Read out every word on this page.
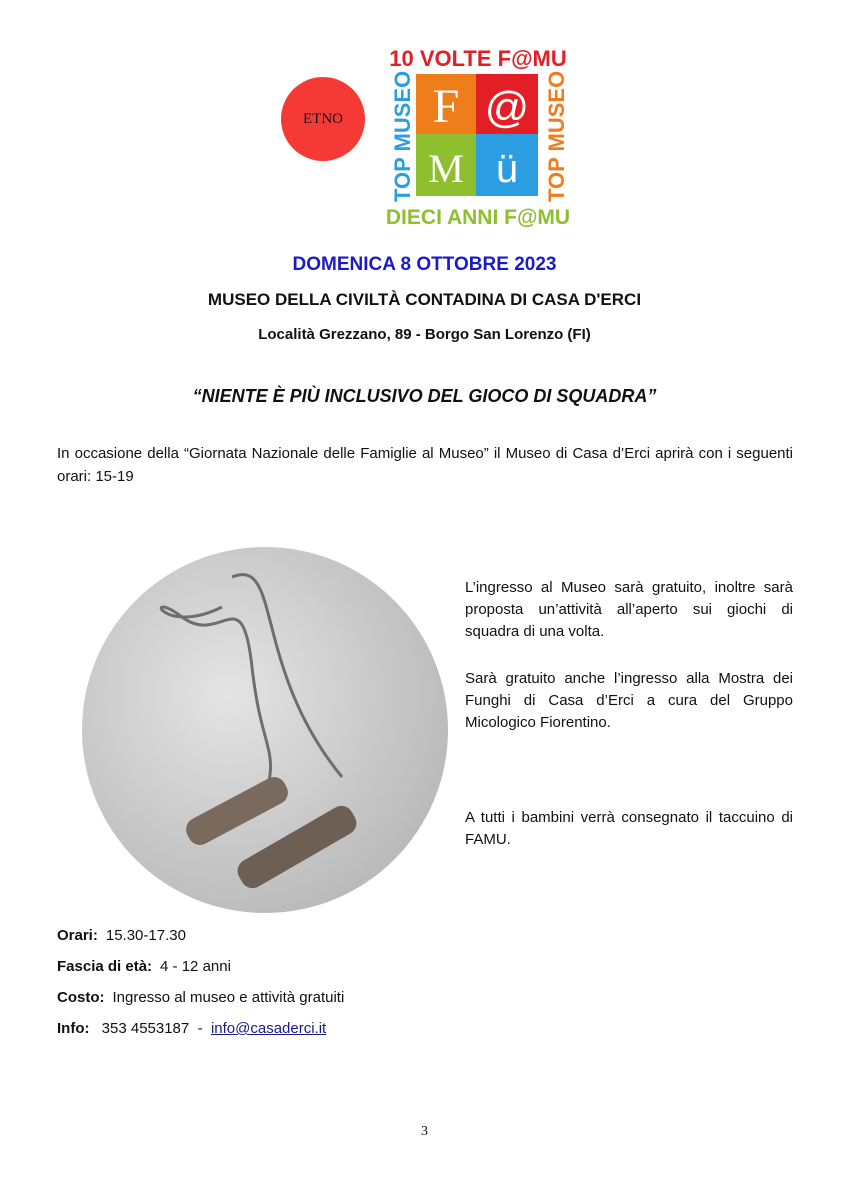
ETNO
10 VOLTE F@MU
F @
M ü
TOP MUSEO	TOP MUSEO
DIECI ANNI F@MU
DOMENICA 8 OTTOBRE 2023
MUSEO DELLA CIVILTÀ CONTADINA DI CASA D'ERCI
Località Grezzano, 89 - Borgo San Lorenzo (FI)
“NIENTE È PIÙ INCLUSIVO DEL GIOCO DI SQUADRA”
In occasione della “Giornata Nazionale delle Famiglie al Museo” il Museo di Casa d’Erci aprirà con i seguenti orari: 15-19
L’ingresso al Museo sarà gratuito, inoltre sarà proposta un’attività all’aperto sui giochi di squadra di una volta.
Sarà gratuito anche l’ingresso alla Mostra dei Funghi di Casa d’Erci a cura del Gruppo Micologico Fiorentino.
A tutti i bambini verrà consegnato il taccuino di FAMU.
Orari: 15.30-17.30
Fascia di età: 4 - 12 anni
Costo: Ingresso al museo e attività gratuiti
Info: 353 4553187 - info@casaderci.it
3
